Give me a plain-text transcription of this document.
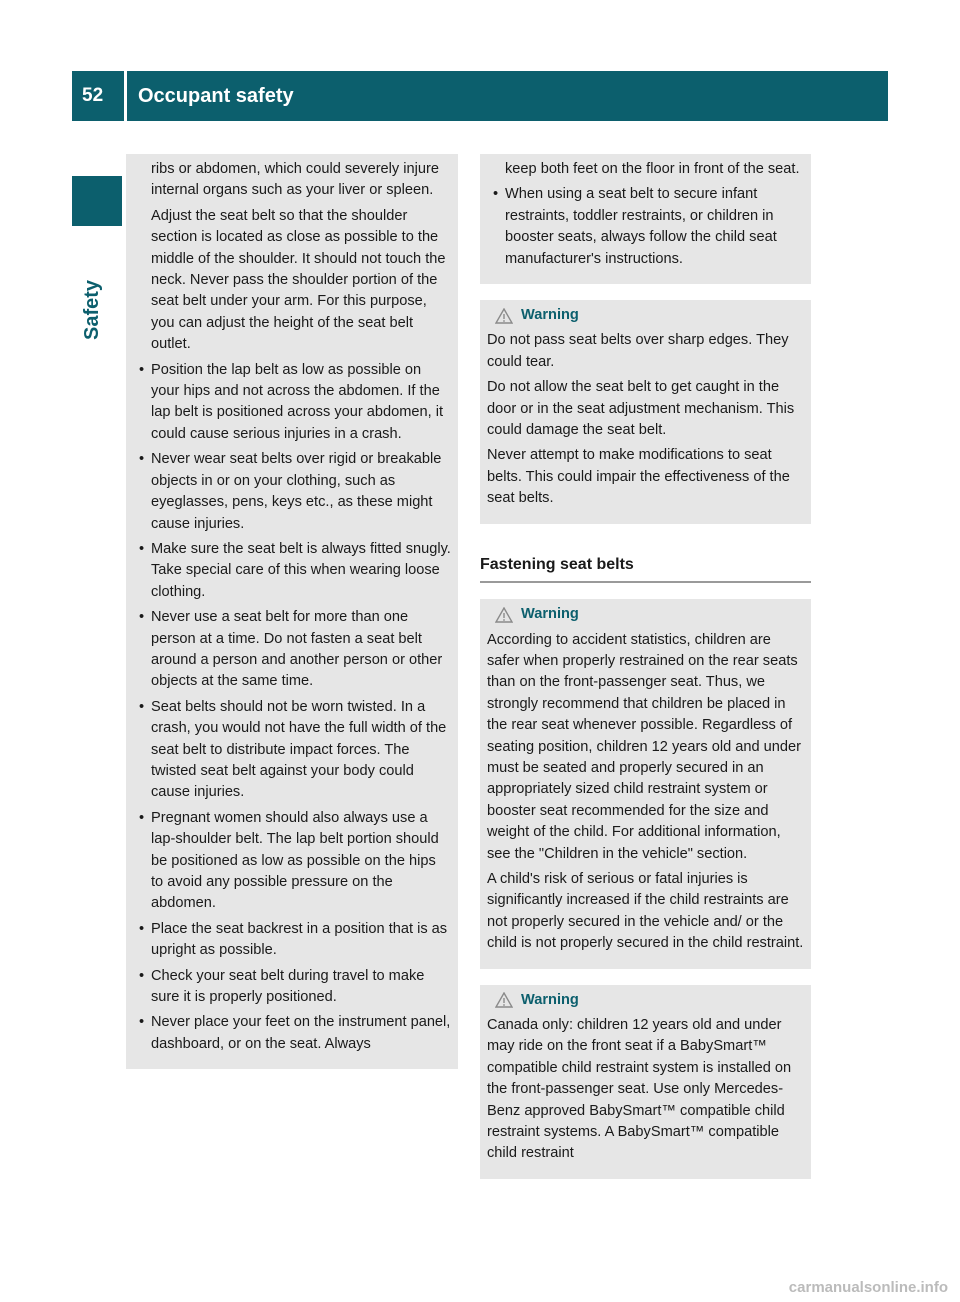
52	Occupant safety
Safety

ribs or abdomen, which could severely injure internal organs such as your liver or spleen.

Adjust the seat belt so that the shoulder section is located as close as possible to the middle of the shoulder. It should not touch the neck. Never pass the shoulder portion of the seat belt under your arm. For this purpose, you can adjust the height of the seat belt outlet.

• Position the lap belt as low as possible on your hips and not across the abdomen. If the lap belt is positioned across your abdomen, it could cause serious injuries in a crash.

• Never wear seat belts over rigid or breakable objects in or on your clothing, such as eyeglasses, pens, keys etc., as these might cause injuries.

• Make sure the seat belt is always fitted snugly. Take special care of this when wearing loose clothing.

• Never use a seat belt for more than one person at a time. Do not fasten a seat belt around a person and another person or other objects at the same time.

• Seat belts should not be worn twisted. In a crash, you would not have the full width of the seat belt to distribute impact forces. The twisted seat belt against your body could cause injuries.

• Pregnant women should also always use a lap-shoulder belt. The lap belt portion should be positioned as low as possible on the hips to avoid any possible pressure on the abdomen.

• Place the seat backrest in a position that is as upright as possible.

• Check your seat belt during travel to make sure it is properly positioned.

• Never place your feet on the instrument panel, dashboard, or on the seat. Always

keep both feet on the floor in front of the seat.

• When using a seat belt to secure infant restraints, toddler restraints, or children in booster seats, always follow the child seat manufacturer's instructions.

Warning

Do not pass seat belts over sharp edges. They could tear.

Do not allow the seat belt to get caught in the door or in the seat adjustment mechanism. This could damage the seat belt.

Never attempt to make modifications to seat belts. This could impair the effectiveness of the seat belts.

Fastening seat belts
Warning

According to accident statistics, children are safer when properly restrained on the rear seats than on the front-passenger seat. Thus, we strongly recommend that children be placed in the rear seat whenever possible. Regardless of seating position, children 12 years old and under must be seated and properly secured in an appropriately sized child restraint system or booster seat recommended for the size and weight of the child. For additional information, see the "Children in the vehicle" section.

A child's risk of serious or fatal injuries is significantly increased if the child restraints are not properly secured in the vehicle and/ or the child is not properly secured in the child restraint.

Warning

Canada only: children 12 years old and under may ride on the front seat if a BabySmart™ compatible child restraint system is installed on the front-passenger seat. Use only Mercedes-Benz approved BabySmart™ compatible child restraint systems. A BabySmart™ compatible child restraint

carmanualsonline.info
